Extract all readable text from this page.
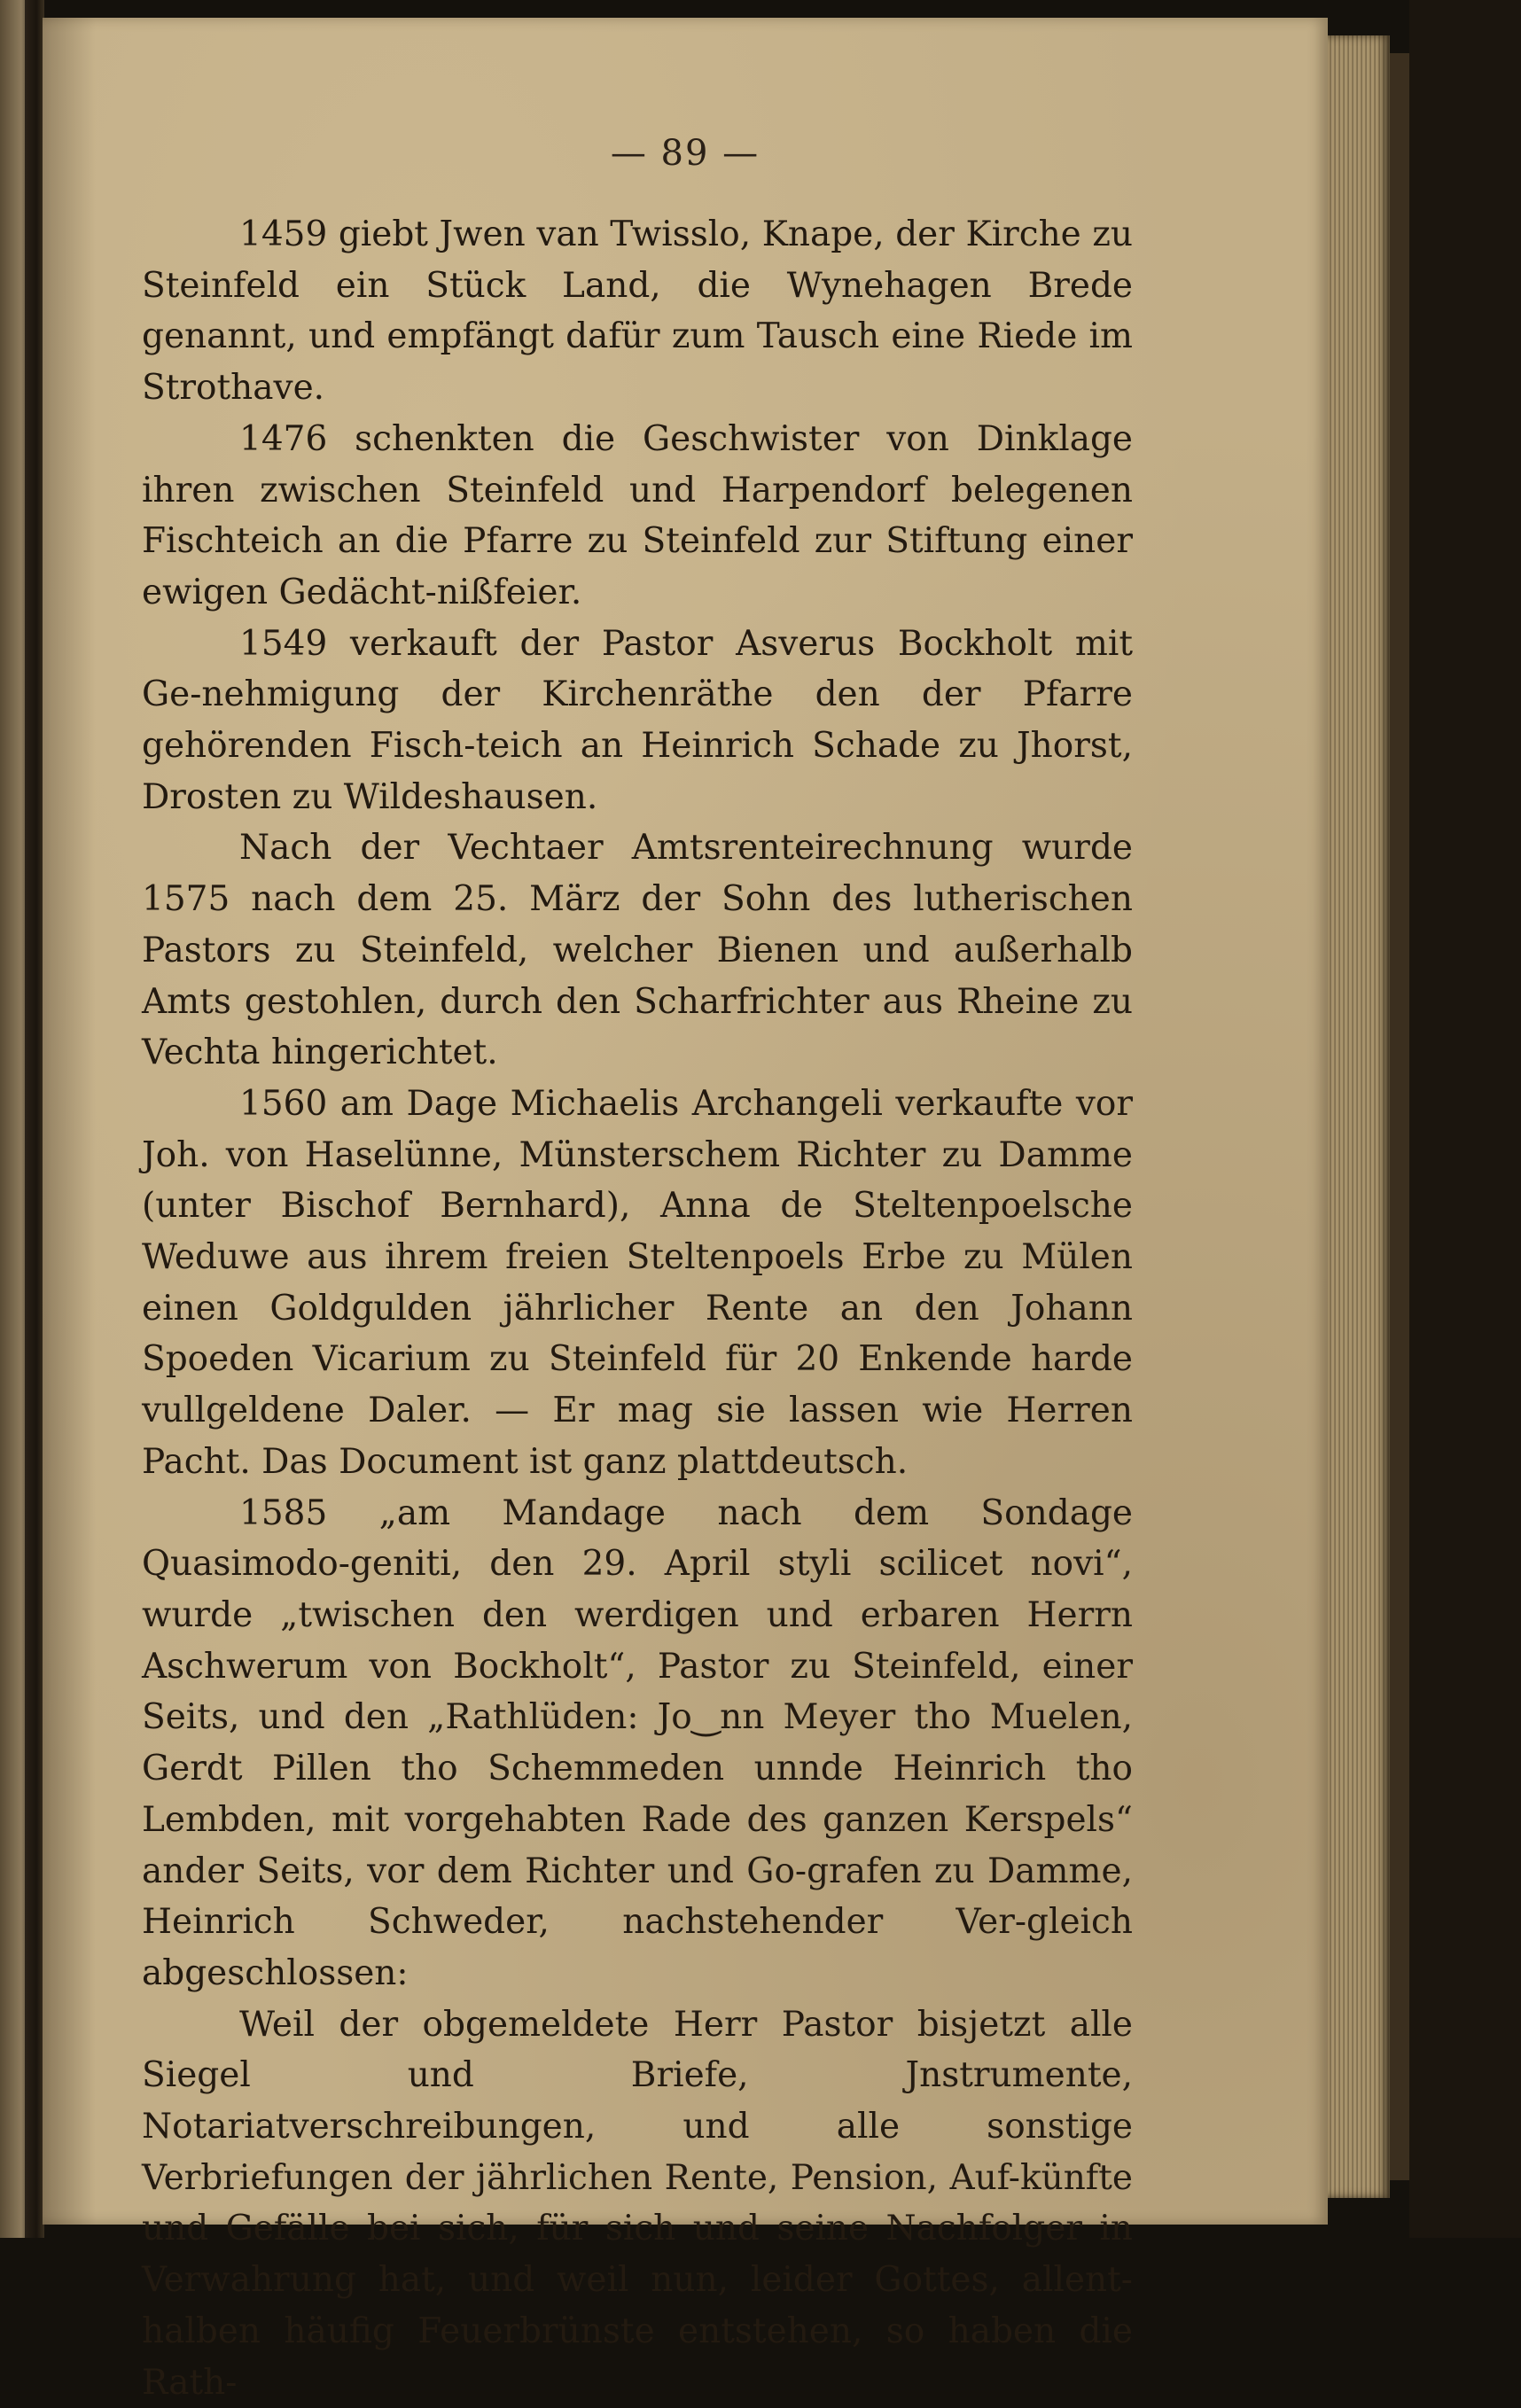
— 89 —

1459 giebt Jwen van Twisslo, Knape, der Kirche zu Steinfeld ein Stück Land, die Wynehagen Brede genannt, und empfängt dafür zum Tausch eine Riede im Strothave.

1476 schenkten die Geschwister von Dinklage ihren zwischen Steinfeld und Harpendorf belegenen Fischteich an die Pfarre zu Steinfeld zur Stiftung einer ewigen Gedächt-nißfeier.

1549 verkauft der Pastor Asverus Bockholt mit Ge-nehmigung der Kirchenräthe den der Pfarre gehörenden Fisch-teich an Heinrich Schade zu Jhorst, Drosten zu Wildeshausen.

Nach der Vechtaer Amtsrenteirechnung wurde 1575 nach dem 25. März der Sohn des lutherischen Pastors zu Steinfeld, welcher Bienen und außerhalb Amts gestohlen, durch den Scharfrichter aus Rheine zu Vechta hingerichtet.

1560 am Dage Michaelis Archangeli verkaufte vor Joh. von Haselünne, Münsterschem Richter zu Damme (unter Bischof Bernhard), Anna de Steltenpoelsche Weduwe aus ihrem freien Steltenpoels Erbe zu Mülen einen Goldgulden jährlicher Rente an den Johann Spoeden Vicarium zu Steinfeld für 20 Enkende harde vullgeldene Daler. — Er mag sie lassen wie Herren Pacht. Das Document ist ganz plattdeutsch.

1585 „am Mandage nach dem Sondage Quasimodo-geniti, den 29. April styli scilicet novi“, wurde „twischen den werdigen und erbaren Herrn Aschwerum von Bockholt“, Pastor zu Steinfeld, einer Seits, und den „Rathlüden: Jo‿nn Meyer tho Muelen, Gerdt Pillen tho Schemmeden unnde Heinrich tho Lembden, mit vorgehabten Rade des ganzen Kerspels“ ander Seits, vor dem Richter und Go-grafen zu Damme, Heinrich Schweder, nachstehender Ver-gleich abgeschlossen:

Weil der obgemeldete Herr Pastor bisjetzt alle Siegel und Briefe, Jnstrumente, Notariatverschreibungen, und alle sonstige Verbriefungen der jährlichen Rente, Pension, Auf-künfte und Gefälle bei sich, für sich und seine Nachfolger in Verwahrung hat, und weil nun, leider Gottes, allent-halben häufig Feuerbrünste entstehen, so haben die Rath-
